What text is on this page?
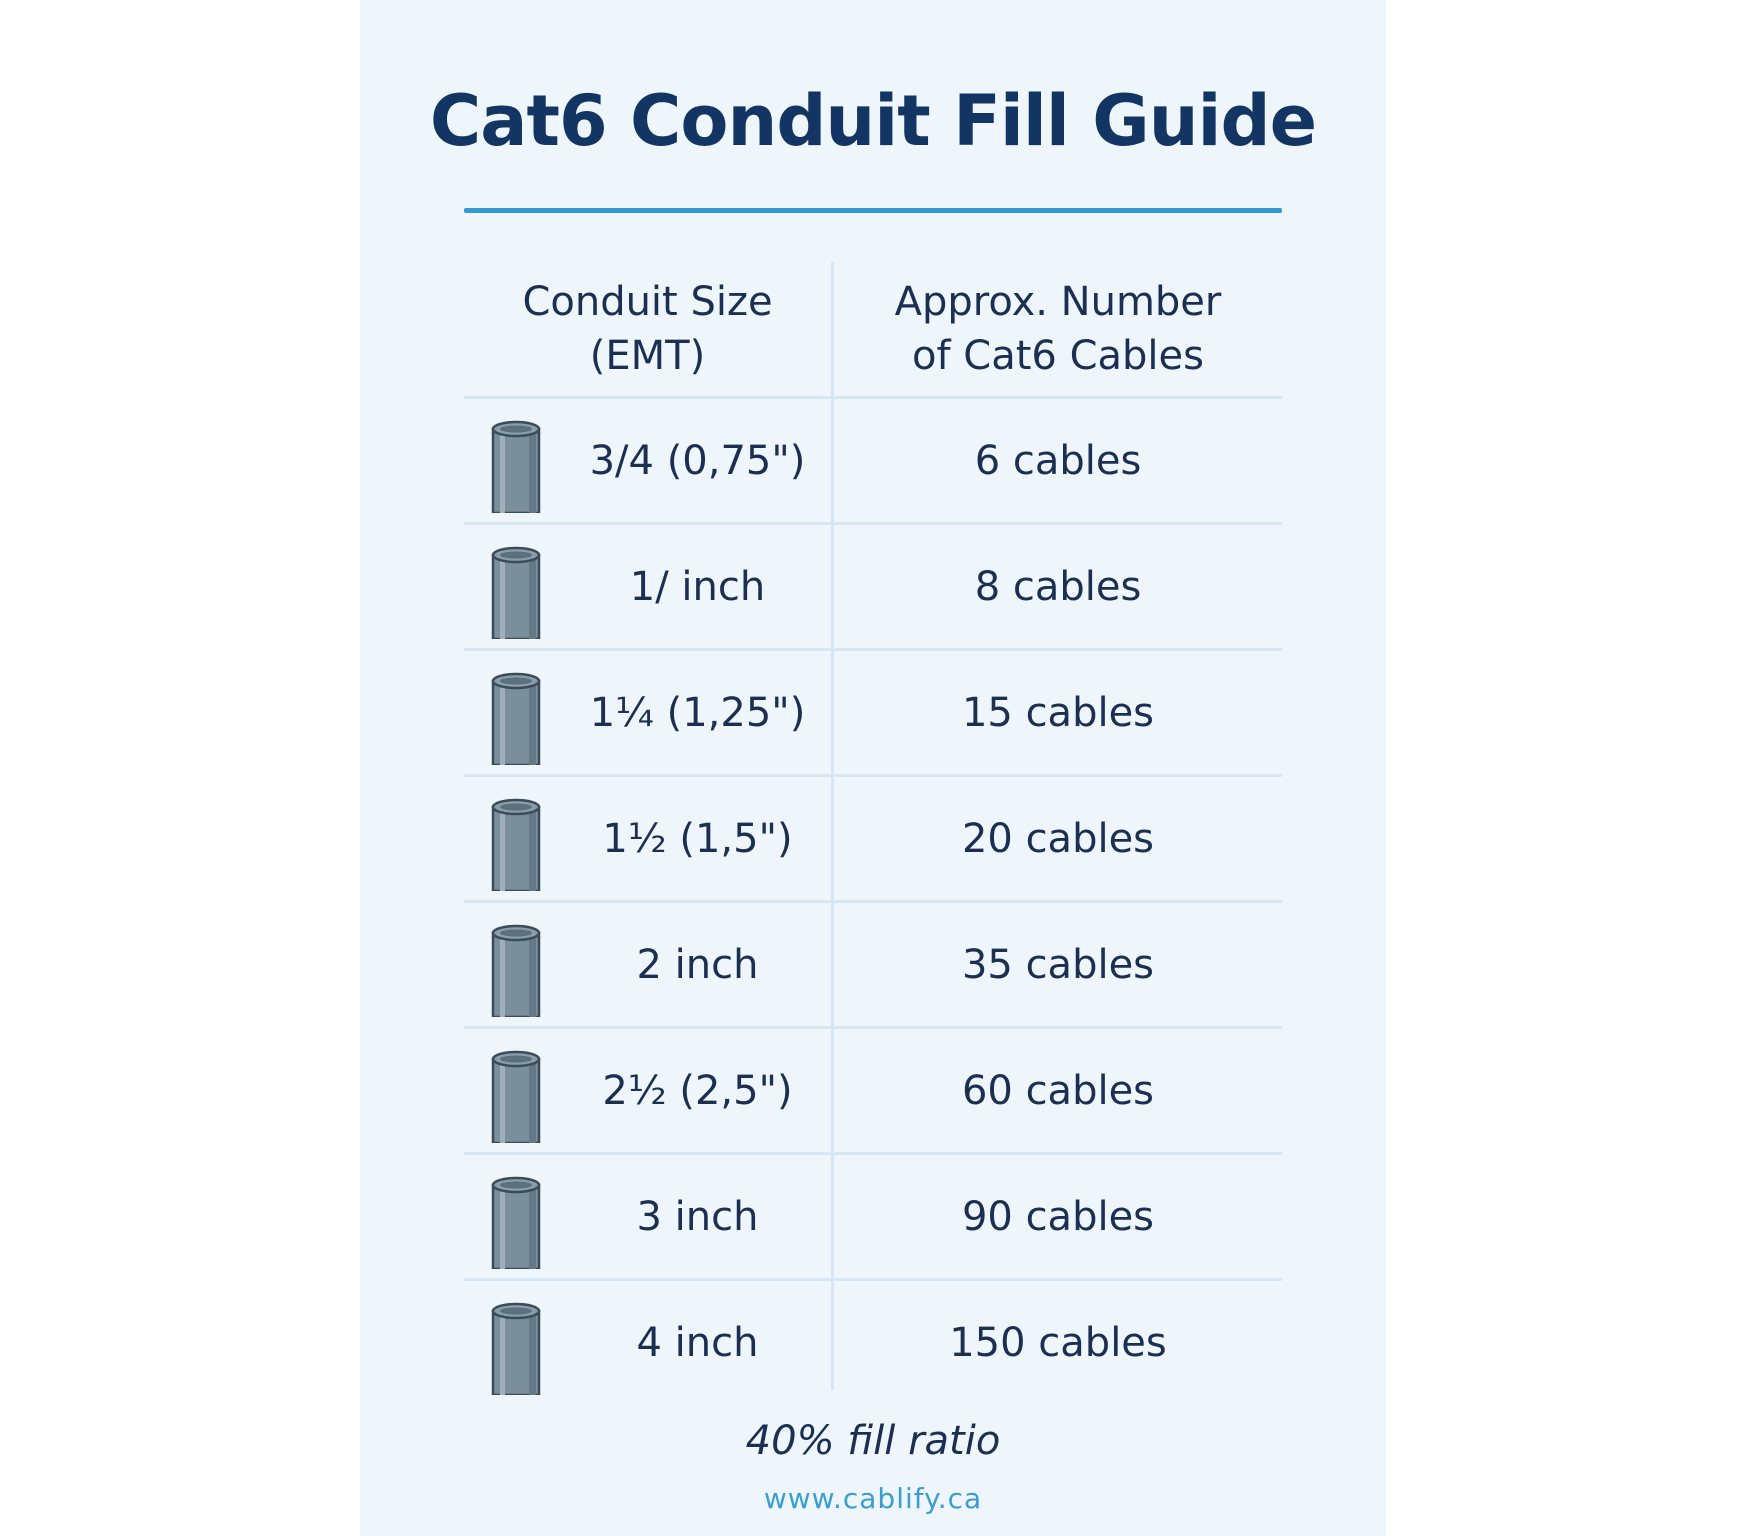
Cat6 Conduit Fill Guide
Conduit Size
(EMT)
Approx. Number
of Cat6 Cables
3/4 (0,75")	6 cables
1/ inch	8 cables
1¼ (1,25")	15 cables
1½ (1,5")	20 cables
2 inch	35 cables
2½ (2,5")	60 cables
3 inch	90 cables
4 inch	150 cables
40% fill ratio
www.cablify.ca
